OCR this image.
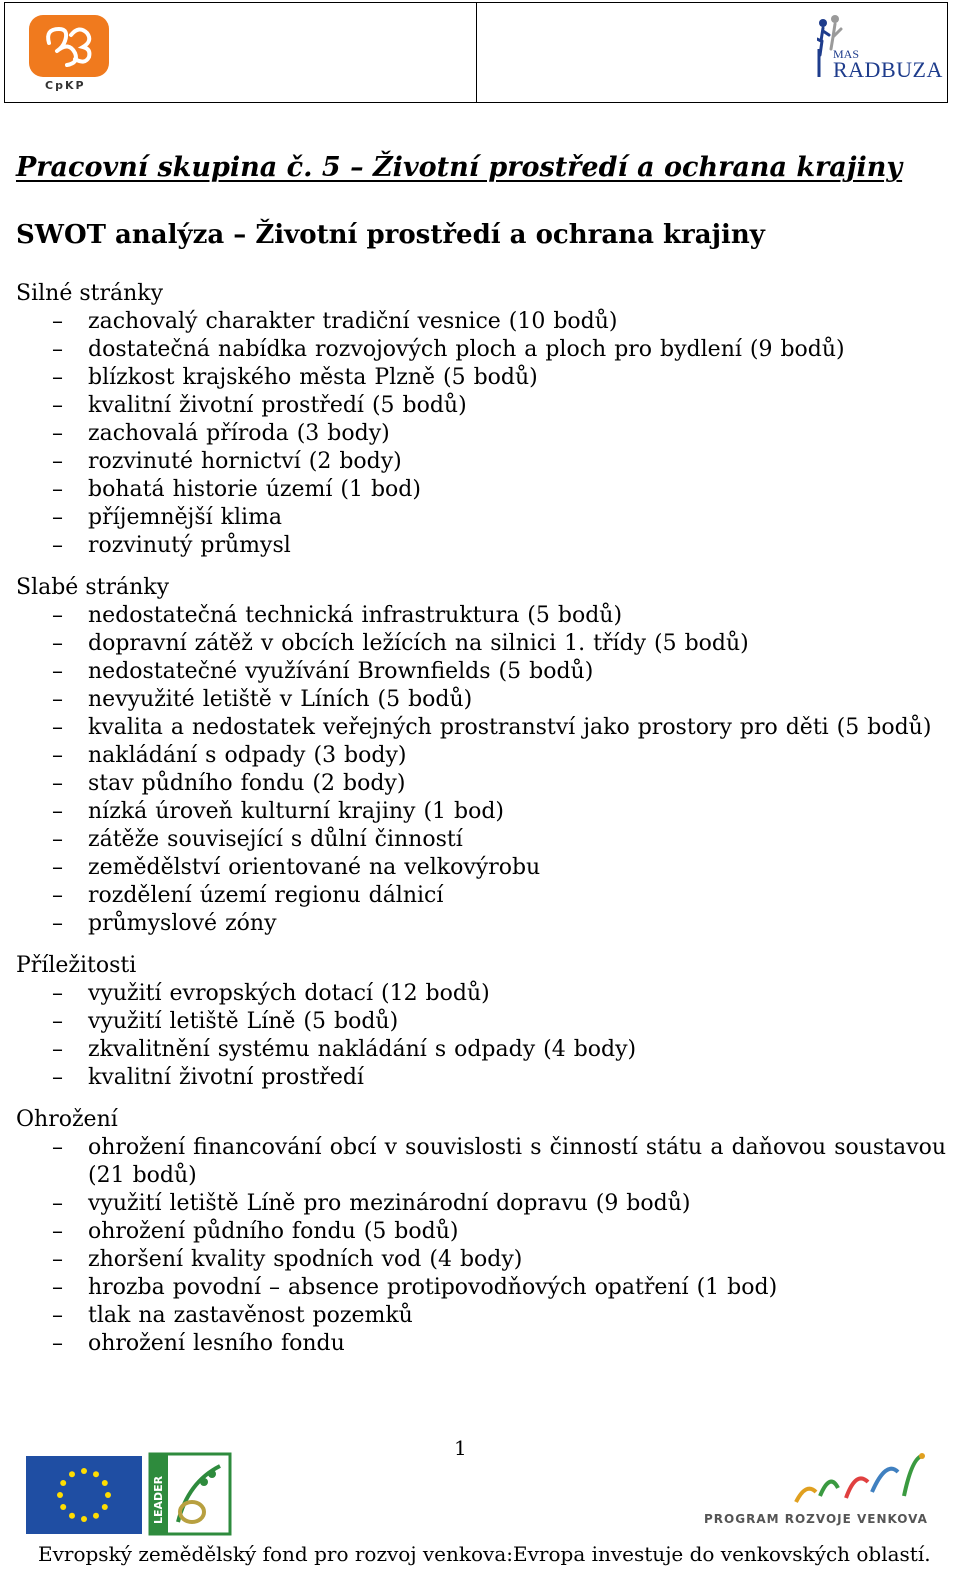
CpKP
MAS
RADBUZA
Pracovní skupina č. 5 – Životní prostředí a ochrana krajiny
SWOT analýza – Životní prostředí a ochrana krajiny
Silné stránky
–	zachovalý charakter tradiční vesnice (10 bodů)
–	dostatečná nabídka rozvojových ploch a ploch pro bydlení (9 bodů)
–	blízkost krajského města Plzně (5 bodů)
–	kvalitní životní prostředí (5 bodů)
–	zachovalá příroda (3 body)
–	rozvinuté hornictví (2 body)
–	bohatá historie území (1 bod)
–	příjemnější klima
–	rozvinutý průmysl
Slabé stránky
–	nedostatečná technická infrastruktura (5 bodů)
–	dopravní zátěž v obcích ležících na silnici 1. třídy (5 bodů)
–	nedostatečné využívání Brownfields (5 bodů)
–	nevyužité letiště v Líních (5 bodů)
–	kvalita a nedostatek veřejných prostranství jako prostory pro děti (5 bodů)
–	nakládání s odpady (3 body)
–	stav půdního fondu (2 body)
–	nízká úroveň kulturní krajiny (1 bod)
–	zátěže související s důlní činností
–	zemědělství orientované na velkovýrobu
–	rozdělení území regionu dálnicí
–	průmyslové zóny
Příležitosti
–	využití evropských dotací (12 bodů)
–	využití letiště Líně (5 bodů)
–	zkvalitnění systému nakládání s odpady (4 body)
–	kvalitní životní prostředí
Ohrožení
–	ohrožení financování obcí v souvislosti s činností státu a daňovou soustavou (21 bodů)
–	využití letiště Líně pro mezinárodní dopravu (9 bodů)
–	ohrožení půdního fondu (5 bodů)
–	zhoršení kvality spodních vod (4 body)
–	hrozba povodní – absence protipovodňových opatření (1 bod)
–	tlak na zastavěnost pozemků
–	ohrožení lesního fondu
1
LEADER	PROGRAM ROZVOJE VENKOVA
Evropský zemědělský fond pro rozvoj venkova:Evropa investuje do venkovských oblastí.
